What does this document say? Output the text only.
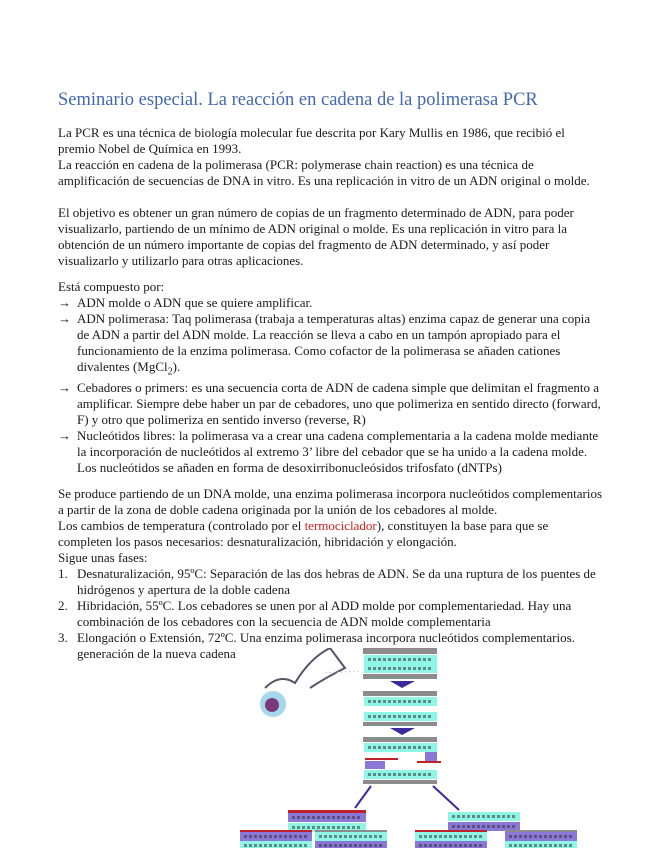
Seminario especial. La reacción en cadena de la polimerasa PCR
La PCR es una técnica de biología molecular fue descrita por Kary Mullis en 1986, que recibió el
premio Nobel de Química en 1993.
La reacción en cadena de la polimerasa (PCR: polymerase chain reaction) es una técnica de
amplificación de secuencias de DNA in vitro. Es una replicación in vitro de un ADN original o molde.
El objetivo es obtener un gran número de copias de un fragmento determinado de ADN, para poder
visualizarlo, partiendo de un mínimo de ADN original o molde. Es una replicación in vitro para la
obtención de un número importante de copias del fragmento de ADN determinado, y así poder
visualizarlo y utilizarlo para otras aplicaciones.
Está compuesto por:
→ ADN molde o ADN que se quiere amplificar.
→ ADN polimerasa: Taq polimerasa (trabaja a temperaturas altas) enzima capaz de generar una copia
de ADN a partir del ADN molde. La reacción se lleva a cabo en un tampón apropiado para el
funcionamiento de la enzima polimerasa. Como cofactor de la polimerasa se añaden cationes
divalentes (MgCl$_2$).
→ Cebadores o primers: es una secuencia corta de ADN de cadena simple que delimitan el fragmento a
amplificar. Siempre debe haber un par de cebadores, uno que polimeriza en sentido directo (forward,
F) y otro que polimeriza en sentido inverso (reverse, R)
→ Nucleótidos libres: la polimerasa va a crear una cadena complementaria a la cadena molde mediante
la incorporación de nucleótidos al extremo 3’ libre del cebador que se ha unido a la cadena molde.
Los nucleótidos se añaden en forma de desoxirribonucleósidos trifosfato (dNTPs)
Se produce partiendo de un DNA molde, una enzima polimerasa incorpora nucleótidos complementarios
a partir de la zona de doble cadena originada por la unión de los cebadores al molde.
Los cambios de temperatura (controlado por el termociclador), constituyen la base para que se
completen los pasos necesarios: desnaturalización, hibridación y elongación.
Sigue unas fases:
1. Desnaturalización, 95ºC: Separación de las dos hebras de ADN. Se da una ruptura de los puentes de
hidrógenos y apertura de la doble cadena
2. Hibridación, 55ºC. Los cebadores se unen por al ADD molde por complementariedad. Hay una
combinación de los cebadores con la secuencia de ADN molde complementaria
3. Elongación o Extensión, 72ºC. Una enzima polimerasa incorpora nucleótidos complementarios.
generación de la nueva cadena
